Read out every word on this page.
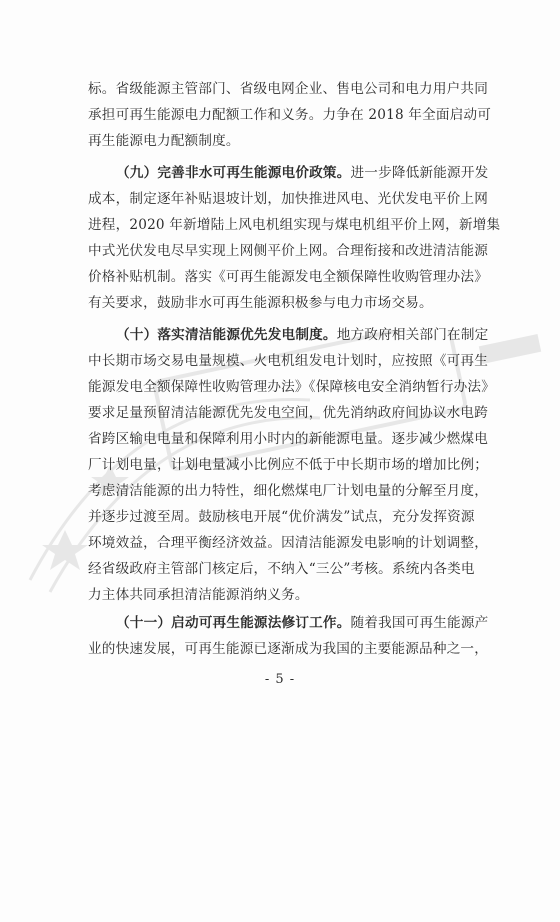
标。省级能源主管部门、省级电网企业、售电公司和电力用户共同
承担可再生能源电力配额工作和义务。力争在 2018 年全面启动可
再生能源电力配额制度。
（九）完善非水可再生能源电价政策。进一步降低新能源开发
成本，制定逐年补贴退坡计划，加快推进风电、光伏发电平价上网
进程，2020 年新增陆上风电机组实现与煤电机组平价上网，新增集
中式光伏发电尽早实现上网侧平价上网。合理衔接和改进清洁能源
价格补贴机制。落实《可再生能源发电全额保障性收购管理办法》
有关要求，鼓励非水可再生能源积极参与电力市场交易。
（十）落实清洁能源优先发电制度。地方政府相关部门在制定
中长期市场交易电量规模、火电机组发电计划时，应按照《可再生
能源发电全额保障性收购管理办法》《保障核电安全消纳暂行办法》
要求足量预留清洁能源优先发电空间，优先消纳政府间协议水电跨
省跨区输电电量和保障利用小时内的新能源电量。逐步减少燃煤电
厂计划电量，计划电量减小比例应不低于中长期市场的增加比例；
考虑清洁能源的出力特性，细化燃煤电厂计划电量的分解至月度，
并逐步过渡至周。鼓励核电开展“优价满发”试点，充分发挥资源
环境效益，合理平衡经济效益。因清洁能源发电影响的计划调整，
经省级政府主管部门核定后，不纳入“三公”考核。系统内各类电
力主体共同承担清洁能源消纳义务。
（十一）启动可再生能源法修订工作。随着我国可再生能源产
业的快速发展，可再生能源已逐渐成为我国的主要能源品种之一，
- 5 -
